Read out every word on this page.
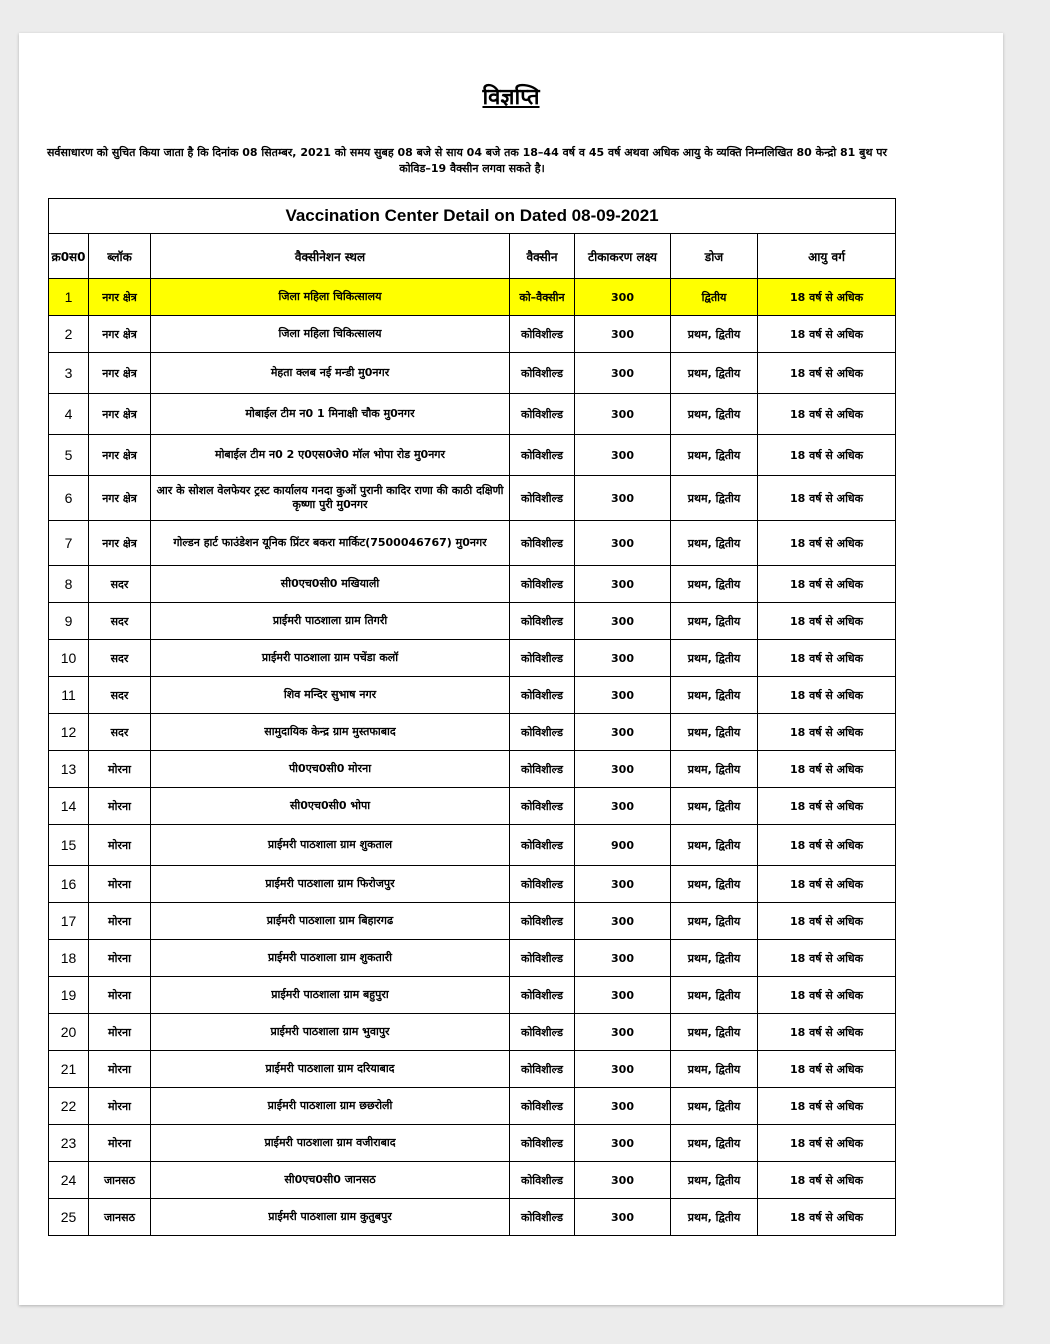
विज्ञप्ति
सर्वसाधारण को सुचित किया जाता है कि दिनांक 08 सितम्बर, 2021 को समय सुबह 08 बजे से साय 04 बजे तक 18–44 वर्ष व 45 वर्ष अथवा अधिक आयु के व्यक्ति निम्नलिखित 80 केन्द्रो 81 बुथ पर
कोविड–19 वैक्सीन लगवा सकते है।
Vaccination Center Detail on Dated 08-09-2021						
क्र0स0	ब्लॉक	वैक्सीनेशन स्थल	वैक्सीन	टीकाकरण लक्ष्य	डोज	आयु वर्ग
1	नगर क्षेत्र	जिला महिला चिकित्सालय	को–वैक्सीन	300	द्वितीय	18 वर्ष से अधिक
2	नगर क्षेत्र	जिला महिला चिकित्सालय	कोविशील्ड	300	प्रथम, द्वितीय	18 वर्ष से अधिक
3	नगर क्षेत्र	मेहता क्लब नई मन्डी मु0नगर	कोविशील्ड	300	प्रथम, द्वितीय	18 वर्ष से अधिक
4	नगर क्षेत्र	मोबाईल टीम न0 1 मिनाक्षी चौक मु0नगर	कोविशील्ड	300	प्रथम, द्वितीय	18 वर्ष से अधिक
5	नगर क्षेत्र	मोबाईल टीम न0 2 ए0एस0जे0 मॉल भोपा रोड मु0नगर	कोविशील्ड	300	प्रथम, द्वितीय	18 वर्ष से अधिक
6	नगर क्षेत्र	आर के सोशल वेलफेयर ट्रस्ट कार्यालय गनदा कुओं पुरानी कादिर राणा की काठी दक्षिणी कृष्णा पुरी मु0नगर	कोविशील्ड	300	प्रथम, द्वितीय	18 वर्ष से अधिक
7	नगर क्षेत्र	गोल्डन हार्ट फाउंडेशन यूनिक प्रिंटर बकरा मार्किट(7500046767) मु0नगर	कोविशील्ड	300	प्रथम, द्वितीय	18 वर्ष से अधिक
8	सदर	सी0एच0सी0 मखियाली	कोविशील्ड	300	प्रथम, द्वितीय	18 वर्ष से अधिक
9	सदर	प्राईमरी पाठशाला ग्राम तिगरी	कोविशील्ड	300	प्रथम, द्वितीय	18 वर्ष से अधिक
10	सदर	प्राईमरी पाठशाला ग्राम पचेंडा कलॉ	कोविशील्ड	300	प्रथम, द्वितीय	18 वर्ष से अधिक
11	सदर	शिव मन्दिर सुभाष नगर	कोविशील्ड	300	प्रथम, द्वितीय	18 वर्ष से अधिक
12	सदर	सामुदायिक केन्द्र ग्राम मुस्तफाबाद	कोविशील्ड	300	प्रथम, द्वितीय	18 वर्ष से अधिक
13	मोरना	पी0एच0सी0 मोरना	कोविशील्ड	300	प्रथम, द्वितीय	18 वर्ष से अधिक
14	मोरना	सी0एच0सी0 भोपा	कोविशील्ड	300	प्रथम, द्वितीय	18 वर्ष से अधिक
15	मोरना	प्राईमरी पाठशाला ग्राम शुकताल	कोविशील्ड	900	प्रथम, द्वितीय	18 वर्ष से अधिक
16	मोरना	प्राईमरी पाठशाला ग्राम फिरोजपुर	कोविशील्ड	300	प्रथम, द्वितीय	18 वर्ष से अधिक
17	मोरना	प्राईमरी पाठशाला ग्राम बिहारगढ	कोविशील्ड	300	प्रथम, द्वितीय	18 वर्ष से अधिक
18	मोरना	प्राईमरी पाठशाला ग्राम शुकतारी	कोविशील्ड	300	प्रथम, द्वितीय	18 वर्ष से अधिक
19	मोरना	प्राईमरी पाठशाला ग्राम बहुपुरा	कोविशील्ड	300	प्रथम, द्वितीय	18 वर्ष से अधिक
20	मोरना	प्राईमरी पाठशाला ग्राम भुवापुर	कोविशील्ड	300	प्रथम, द्वितीय	18 वर्ष से अधिक
21	मोरना	प्राईमरी पाठशाला ग्राम दरियाबाद	कोविशील्ड	300	प्रथम, द्वितीय	18 वर्ष से अधिक
22	मोरना	प्राईमरी पाठशाला ग्राम छछरोली	कोविशील्ड	300	प्रथम, द्वितीय	18 वर्ष से अधिक
23	मोरना	प्राईमरी पाठशाला ग्राम वजीराबाद	कोविशील्ड	300	प्रथम, द्वितीय	18 वर्ष से अधिक
24	जानसठ	सी0एच0सी0 जानसठ	कोविशील्ड	300	प्रथम, द्वितीय	18 वर्ष से अधिक
25	जानसठ	प्राईमरी पाठशाला ग्राम कुतुबपुर	कोविशील्ड	300	प्रथम, द्वितीय	18 वर्ष से अधिक
